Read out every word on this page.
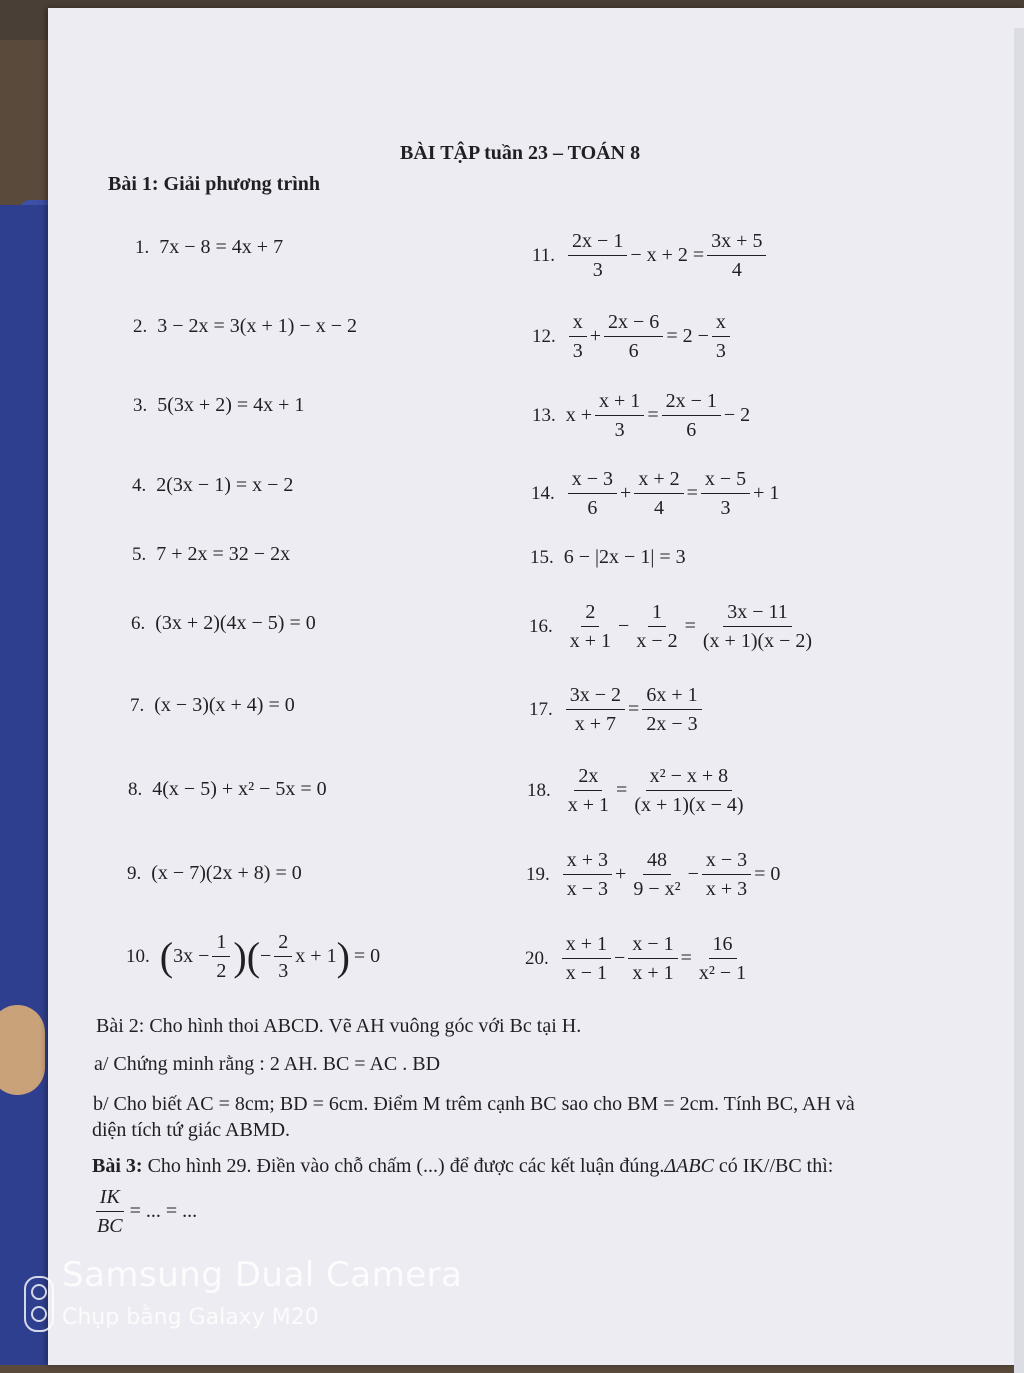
BÀI TẬP tuần 23 – TOÁN 8
Bài 1: Giải phương trình
1. 7x − 8 = 4x + 7
2. 3 − 2x = 3(x + 1) − x − 2
3. 5(3x + 2) = 4x + 1
4. 2(3x − 1) = x − 2
5. 7 + 2x = 32 − 2x
6. (3x + 2)(4x − 5) = 0
7. (x − 3)(x + 4) = 0
8. 4(x − 5) + x² − 5x = 0
9. (x − 7)(2x + 8) = 0
10. ( $3x - \frac{1}{2}$ ) ( − $\frac{2}{3}$ x + 1 ) = 0
11. $\frac{2x - 1}{3} - x + 2 = \frac{3x + 5}{4}$
12. $\frac{x}{3} + \frac{2x - 6}{6} = 2 - \frac{x}{3}$
13. $x + \frac{x + 1}{3} = \frac{2x - 1}{6} - 2$
14. $\frac{x - 3}{6} + \frac{x + 2}{4} = \frac{x - 5}{3} + 1$
15. 6 − |2x − 1| = 3
16. $\frac{2}{x + 1} - \frac{1}{x - 2} = \frac{3x - 11}{(x + 1)(x - 2)}$
17. $\frac{3x - 2}{x + 7} = \frac{6x + 1}{2x - 3}$
18. $\frac{2x}{x + 1} = \frac{\text{x² − x + 8}}{(x + 1)(x - 4)}$
19. $\frac{x + 3}{x - 3} + \frac{48}{\text{9 − x²}} - \frac{x - 3}{x + 3} = 0$
20. $\frac{x + 1}{x - 1} - \frac{x - 1}{x + 1} = \frac{16}{\text{x² − 1}}$
Bài 2: Cho hình thoi ABCD. Vẽ AH vuông góc với Bc tại H.
a/ Chứng minh rằng : 2 AH. BC = AC . BD
b/ Cho biết AC = 8cm; BD = 6cm. Điểm M trêm cạnh BC sao cho BM = 2cm. Tính BC, AH và
diện tích tứ giác ABMD.
Bài 3: Cho hình 29. Điền vào chỗ chấm (...) để được các kết luận đúng.ΔABC có IK//BC thì:
$\frac{IK}{BC}$ = ... = ...
Samsung Dual Camera
Chụp bằng Galaxy M20
